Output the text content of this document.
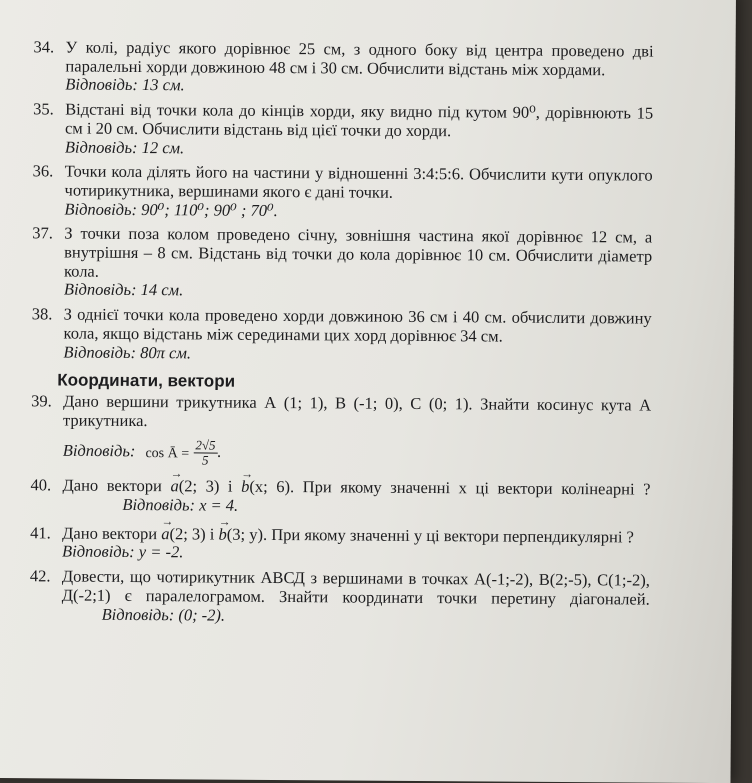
34. У колі, радіус якого дорівнює 25 см, з одного боку від центра проведено дві паралельні хорди довжиною 48 см і 30 см. Обчислити відстань між хордами.
Відповідь: 13 см.
35. Відстані від точки кола до кінців хорди, яку видно під кутом 90⁰, дорівнюють 15 см і 20 см. Обчислити відстань від цієї точки до хорди.
Відповідь: 12 см.
36. Точки кола ділять його на частини у відношенні 3:4:5:6. Обчислити кути опуклого чотирикутника, вершинами якого є дані точки.
Відповідь: 90⁰; 110⁰; 90⁰ ; 70⁰.
37. З точки поза колом проведено січну, зовнішня частина якої дорівнює 12 см, а внутрішня – 8 см. Відстань від точки до кола дорівнює 10 см. Обчислити діаметр кола.
Відповідь: 14 см.
38. З однієї точки кола проведено хорди довжиною 36 см і 40 см. обчислити довжину кола, якщо відстань між серединами цих хорд дорівнює 34 см.
Відповідь: 80π см.
Координати, вектори
39. Дано вершини трикутника А (1; 1), В (-1; 0), С (0; 1). Знайти косинус кута А трикутника.
Відповідь: cos Ā = $\frac{2√5}{5}$ .
40. Дано вектори → a(2; 3) і → b(x; 6). При якому значенні x ці вектори колінеарні ? Відповідь: x = 4.
41. Дано вектори → a(2; 3) і → b(3; y). При якому значенні y ці вектори перпендикулярні ?
Відповідь: y = -2.
42. Довести, що чотирикутник АВСД з вершинами в точках А(-1;-2), В(2;-5), С(1;-2), Д(-2;1) є паралелограмом. Знайти координати точки перетину діагоналей. Відповідь: (0; -2).
